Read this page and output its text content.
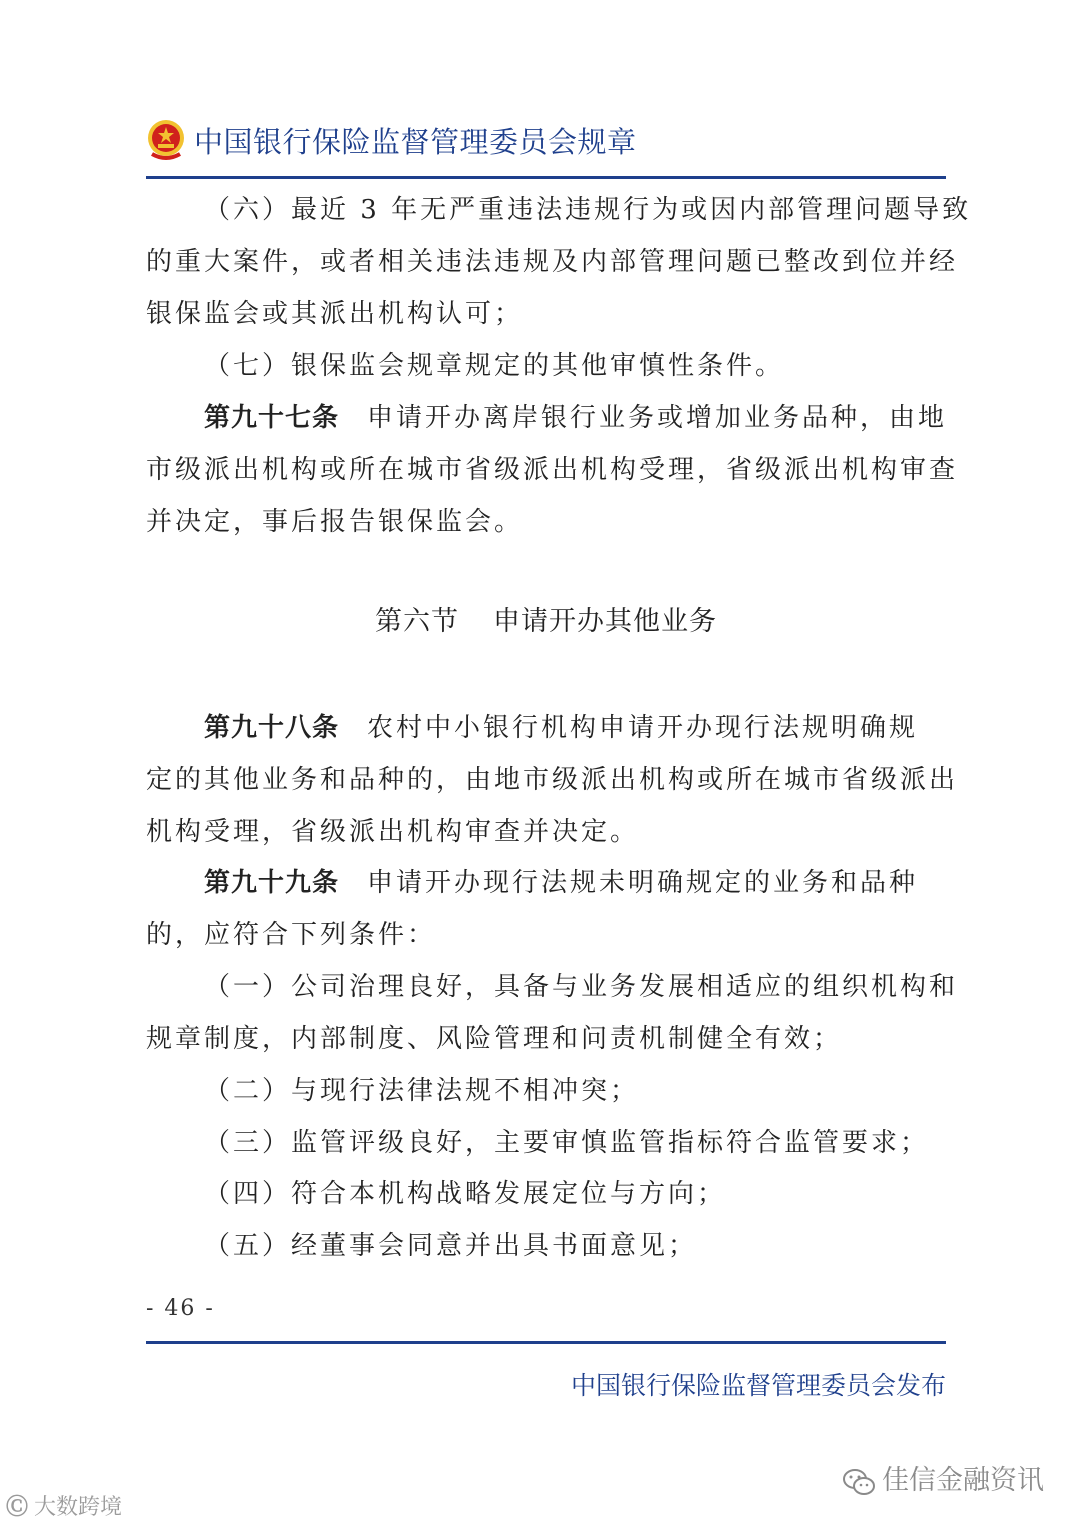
中国银行保险监督管理委员会规章
（六）最近 3 年无严重违法违规行为或因内部管理问题导致
的重大案件，或者相关违法违规及内部管理问题已整改到位并经
银保监会或其派出机构认可；
（七）银保监会规章规定的其他审慎性条件。
第九十七条 申请开办离岸银行业务或增加业务品种，由地
市级派出机构或所在城市省级派出机构受理，省级派出机构审查
并决定，事后报告银保监会。
第六节 申请开办其他业务
第九十八条 农村中小银行机构申请开办现行法规明确规
定的其他业务和品种的，由地市级派出机构或所在城市省级派出
机构受理，省级派出机构审查并决定。
第九十九条 申请开办现行法规未明确规定的业务和品种
的，应符合下列条件：
（一）公司治理良好，具备与业务发展相适应的组织机构和
规章制度，内部制度、风险管理和问责机制健全有效；
（二）与现行法律法规不相冲突；
（三）监管评级良好，主要审慎监管指标符合监管要求；
（四）符合本机构战略发展定位与方向；
（五）经董事会同意并出具书面意见；
- 46 -
中国银行保险监督管理委员会发布
佳信金融资讯
Ⓒ 大数跨境
